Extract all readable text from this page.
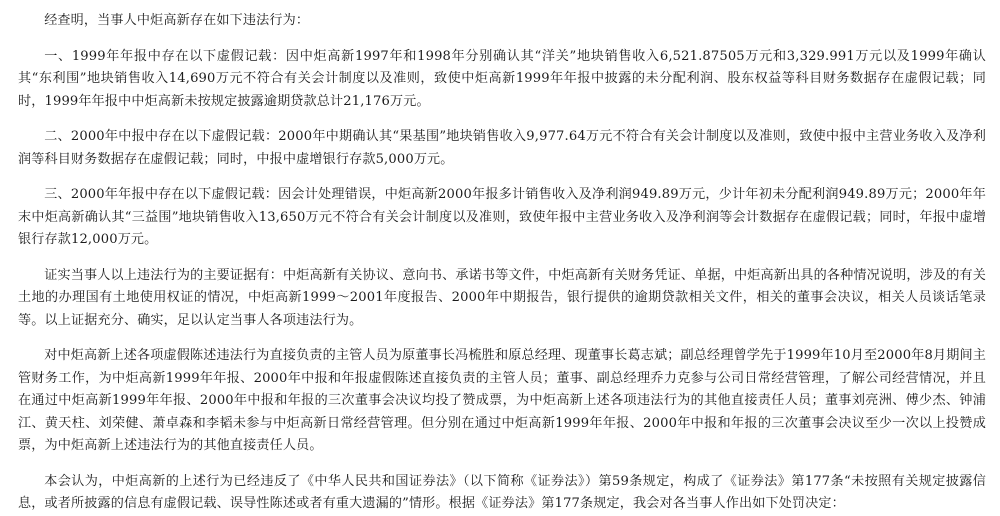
经查明，当事人中炬高新存在如下违法行为：

一、1999年年报中存在以下虚假记载：因中炬高新1997年和1998年分别确认其“洋关”地块销售收入6,521.87505万元和3,329.991万元以及1999年确认其“东利围”地块销售收入14,690万元不符合有关会计制度以及准则，致使中炬高新1999年年报中披露的未分配利润、股东权益等科目财务数据存在虚假记载；同时，1999年年报中中炬高新未按规定披露逾期贷款总计21,176万元。

二、2000年中报中存在以下虚假记载：2000年中期确认其“果基围”地块销售收入9,977.64万元不符合有关会计制度以及准则，致使中报中主营业务收入及净利润等科目财务数据存在虚假记载；同时，中报中虚增银行存款5,000万元。

三、2000年年报中存在以下虚假记载：因会计处理错误，中炬高新2000年报多计销售收入及净利润949.89万元，少计年初未分配利润949.89万元；2000年年末中炬高新确认其“三益围”地块销售收入13,650万元不符合有关会计制度以及准则，致使年报中主营业务收入及净利润等会计数据存在虚假记载；同时，年报中虚增银行存款12,000万元。

证实当事人以上违法行为的主要证据有：中炬高新有关协议、意向书、承诺书等文件，中炬高新有关财务凭证、单据，中炬高新出具的各种情况说明，涉及的有关土地的办理国有土地使用权证的情况，中炬高新1999～2001年度报告、2000年中期报告，银行提供的逾期贷款相关文件，相关的董事会决议，相关人员谈话笔录等。以上证据充分、确实，足以认定当事人各项违法行为。

对中炬高新上述各项虚假陈述违法行为直接负责的主管人员为原董事长冯梳胜和原总经理、现董事长葛志斌；副总经理曾学先于1999年10月至2000年8月期间主管财务工作，为中炬高新1999年年报、2000年中报和年报虚假陈述直接负责的主管人员；董事、副总经理乔力克参与公司日常经营管理，了解公司经营情况，并且在通过中炬高新1999年年报、2000年中报和年报的三次董事会决议均投了赞成票，为中炬高新上述各项违法行为的其他直接责任人员；董事刘亮洲、傅少杰、钟浦江、黄天柱、刘荣健、萧卓森和李韬未参与中炬高新日常经营管理。但分别在通过中炬高新1999年年报、2000年中报和年报的三次董事会决议至少一次以上投赞成票，为中炬高新上述违法行为的其他直接责任人员。

本会认为，中炬高新的上述行为已经违反了《中华人民共和国证券法》（以下简称《证券法》）第59条规定，构成了《证券法》第177条“未按照有关规定披露信息，或者所披露的信息有虚假记载、误导性陈述或者有重大遗漏的”情形。根据《证券法》第177条规定，我会对各当事人作出如下处罚决定：
